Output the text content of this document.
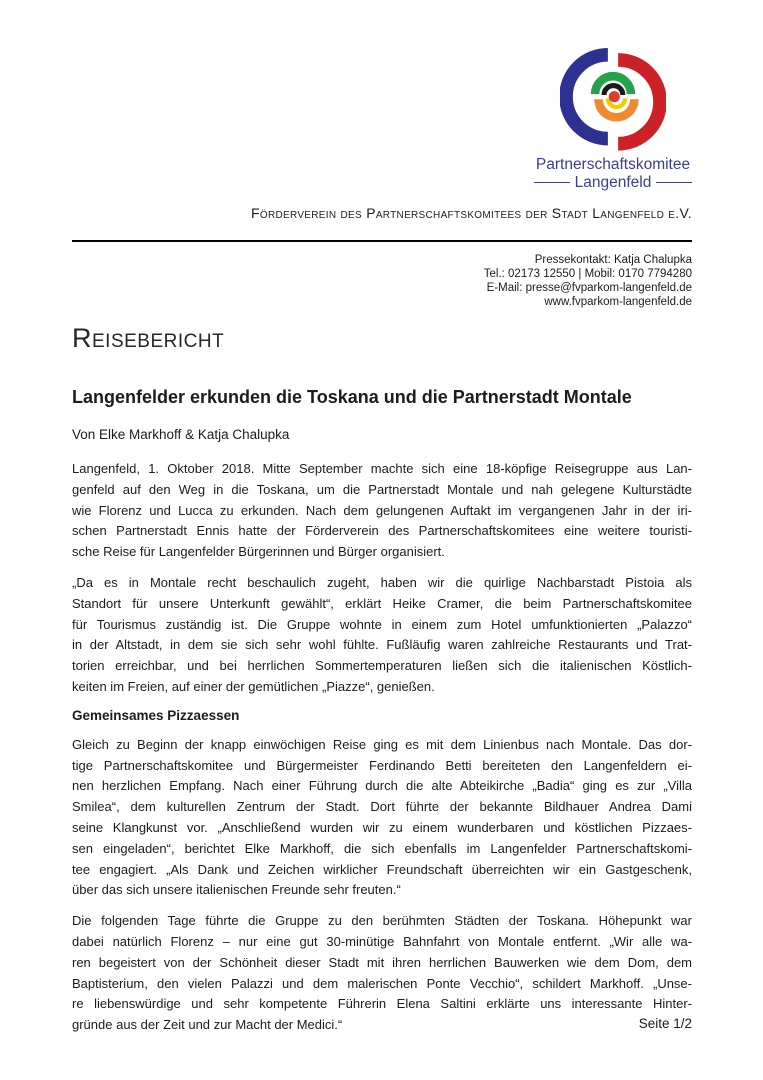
Partnerschaftskomitee
Langenfeld
Förderverein des Partnerschaftskomitees der Stadt Langenfeld e.V.
Pressekontakt: Katja Chalupka
Tel.: 02173 12550 | Mobil: 0170 7794280
E-Mail: presse@fvparkom-langenfeld.de
www.fvparkom-langenfeld.de
Reisebericht
Langenfelder erkunden die Toskana und die Partnerstadt Montale
Von Elke Markhoff & Katja Chalupka
Langenfeld, 1. Oktober 2018. Mitte September machte sich eine 18-köpfige Reisegruppe aus Lan-
genfeld auf den Weg in die Toskana, um die Partnerstadt Montale und nah gelegene Kulturstädte
wie Florenz und Lucca zu erkunden. Nach dem gelungenen Auftakt im vergangenen Jahr in der iri-
schen Partnerstadt Ennis hatte der Förderverein des Partnerschaftskomitees eine weitere touristi-
sche Reise für Langenfelder Bürgerinnen und Bürger organisiert.
„Da es in Montale recht beschaulich zugeht, haben wir die quirlige Nachbarstadt Pistoia als
Standort für unsere Unterkunft gewählt“, erklärt Heike Cramer, die beim Partnerschaftskomitee
für Tourismus zuständig ist. Die Gruppe wohnte in einem zum Hotel umfunktionierten „Palazzo“
in der Altstadt, in dem sie sich sehr wohl fühlte. Fußläufig waren zahlreiche Restaurants und Trat-
torien erreichbar, und bei herrlichen Sommertemperaturen ließen sich die italienischen Köstlich-
keiten im Freien, auf einer der gemütlichen „Piazze“, genießen.
Gemeinsames Pizzaessen
Gleich zu Beginn der knapp einwöchigen Reise ging es mit dem Linienbus nach Montale. Das dor-
tige Partnerschaftskomitee und Bürgermeister Ferdinando Betti bereiteten den Langenfeldern ei-
nen herzlichen Empfang. Nach einer Führung durch die alte Abteikirche „Badia“ ging es zur „Villa
Smilea“, dem kulturellen Zentrum der Stadt. Dort führte der bekannte Bildhauer Andrea Dami
seine Klangkunst vor. „Anschließend wurden wir zu einem wunderbaren und köstlichen Pizzaes-
sen eingeladen“, berichtet Elke Markhoff, die sich ebenfalls im Langenfelder Partnerschaftskomi-
tee engagiert. „Als Dank und Zeichen wirklicher Freundschaft überreichten wir ein Gastgeschenk,
über das sich unsere italienischen Freunde sehr freuten.“
Die folgenden Tage führte die Gruppe zu den berühmten Städten der Toskana. Höhepunkt war
dabei natürlich Florenz – nur eine gut 30-minütige Bahnfahrt von Montale entfernt. „Wir alle wa-
ren begeistert von der Schönheit dieser Stadt mit ihren herrlichen Bauwerken wie dem Dom, dem
Baptisterium, den vielen Palazzi und dem malerischen Ponte Vecchio“, schildert Markhoff. „Unse-
re liebenswürdige und sehr kompetente Führerin Elena Saltini erklärte uns interessante Hinter-
gründe aus der Zeit und zur Macht der Medici.“	Seite 1/2
